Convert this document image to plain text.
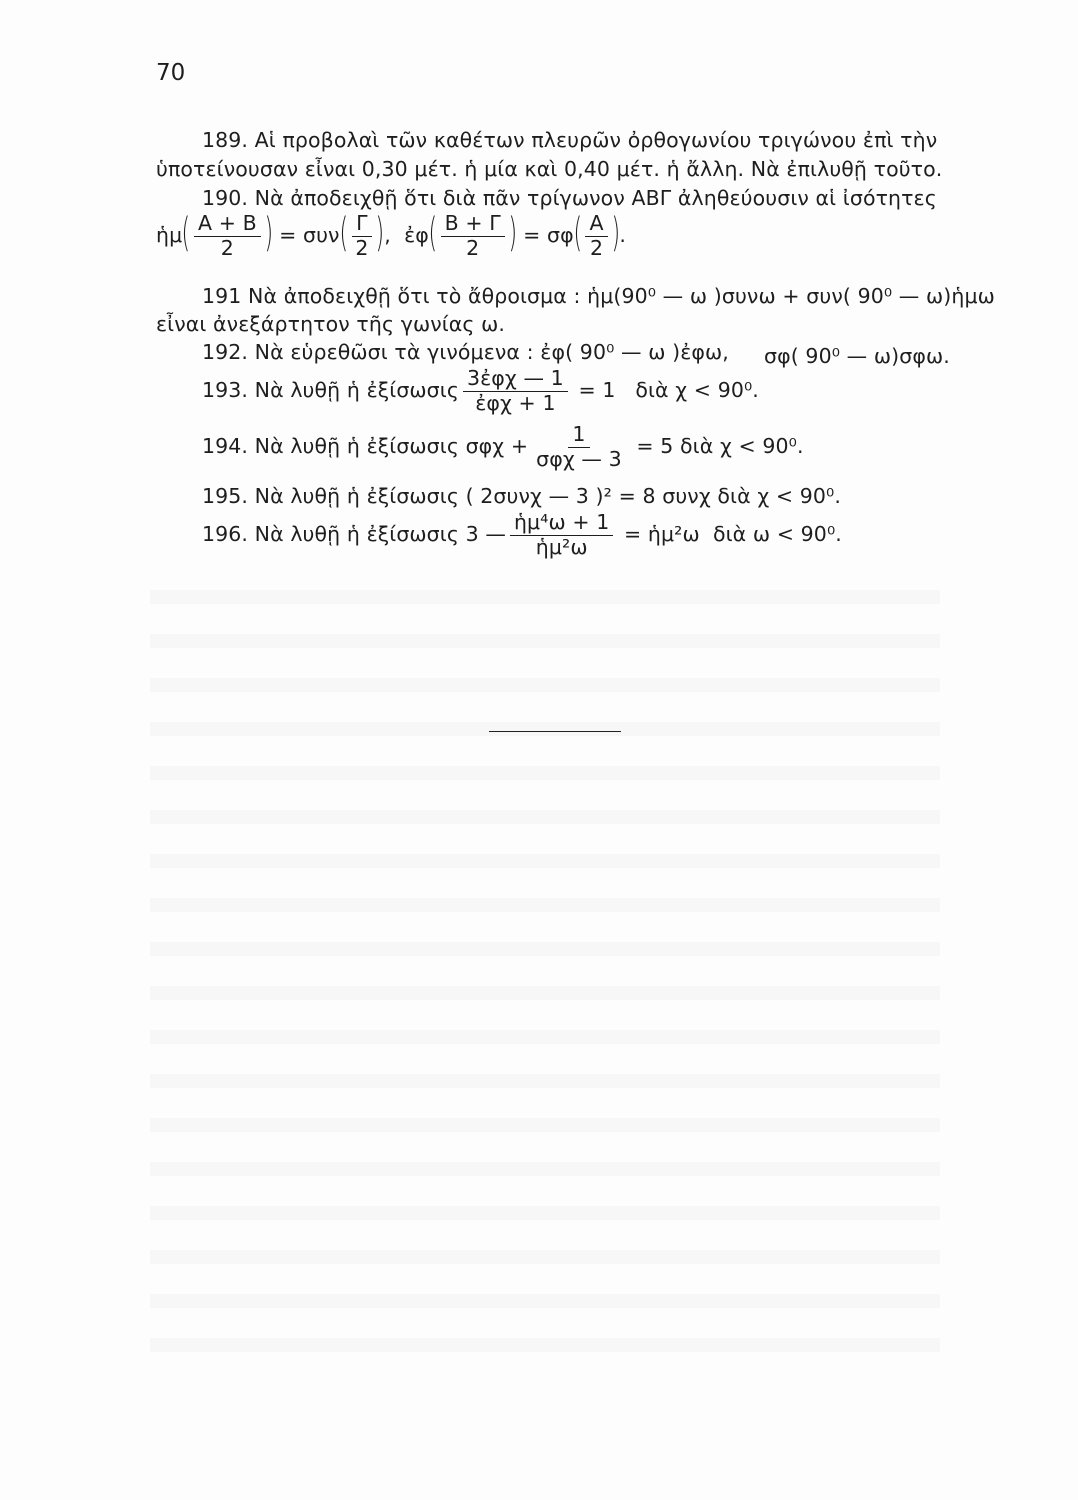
70
189. Αἱ προβολαὶ τῶν καθέτων πλευρῶν ὀρθογωνίου τριγώνου ἐπὶ τὴν
ὑποτείνουσαν εἶναι 0,30 μέτ. ἡ μία καὶ 0,40 μέτ. ἡ ἄλλη. Νὰ ἐπιλυθῇ τοῦτο.
190. Νὰ ἀποδειχθῇ ὅτι διὰ πᾶν τρίγωνον ΑΒΓ ἀληθεύουσιν αἱ ἰσότητες
ἡμ( $\frac{A + B}{2}$ ) = $\sigma\upsilon\nu( \frac{\Gamma}{2}$ ),  ἐφ( $\frac{B + \Gamma}{2}$ ) = $\sigma\varphi( \frac{A}{2}$ ).
191 Νὰ ἀποδειχθῇ ὅτι τὸ ἄθροισμα : ἡμ(90⁰ — ω )συνω + συν( 90⁰ — ω)ἡμω
εἶναι ἀνεξάρτητον τῆς γωνίας ω.
192. Νὰ εὑρεθῶσι τὰ γινόμενα : ἐφ( 90⁰ — ω )ἐφω, σφ( 90⁰ — ω)σφω.
193. Νὰ λυθῇ ἡ ἐξίσωσις $\frac{\text{3ἐφχ — 1}}{\text{ἐφχ + 1}} = 1$   διὰ χ < 90⁰.
194. Νὰ λυθῇ ἡ ἐξίσωσις $\sigma\varphi\chi + \frac{1}{\text{σφχ — 3}} = 5$ διὰ χ < 90⁰.
195. Νὰ λυθῇ ἡ ἐξίσωσις ( 2συνχ — 3 )² = 8 συνχ διὰ χ < 90⁰.
196. Νὰ λυθῇ ἡ ἐξίσωσις 3 — $\frac{\text{ἡμ⁴ω + 1}}{\text{ἡμ²ω}}$ = ἡμ²ω  διὰ ω < 90⁰.
